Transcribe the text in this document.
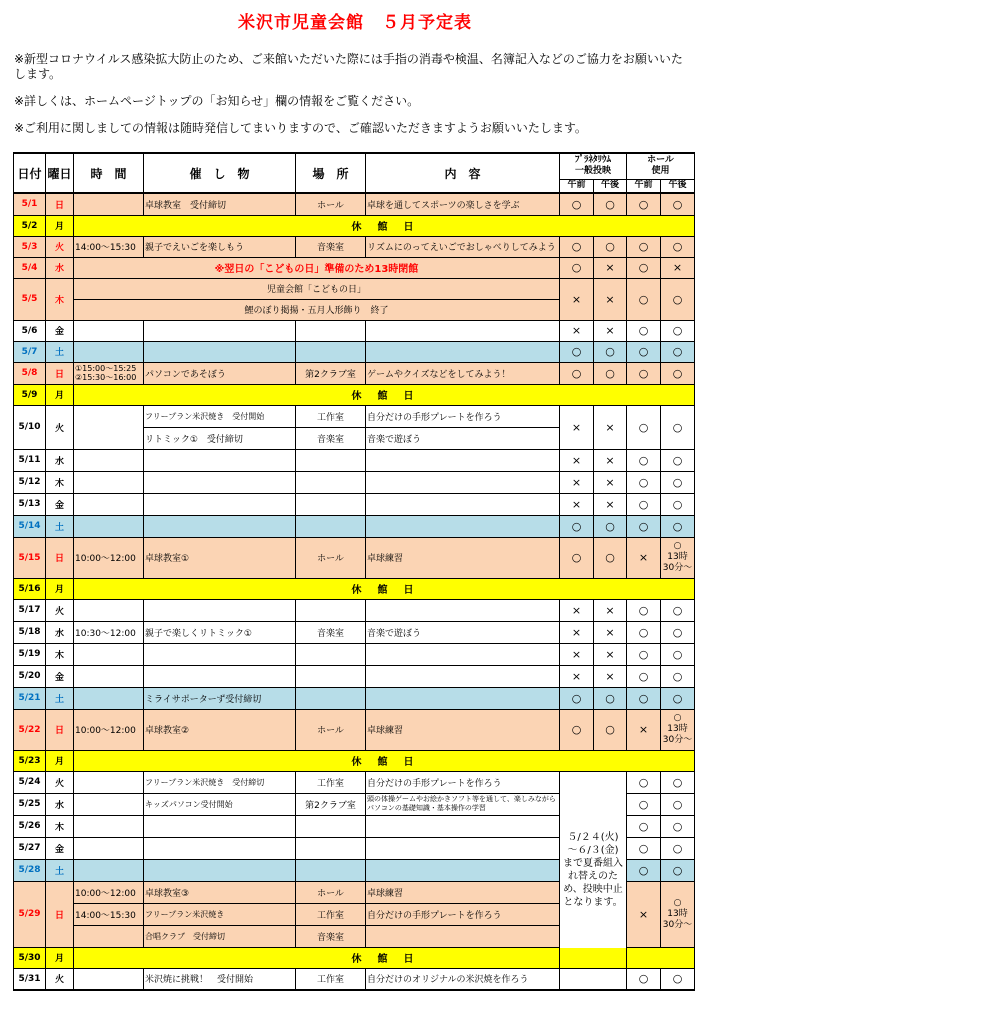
米沢市児童会館　５月予定表
※新型コロナウイルス感染拡大防止のため、ご来館いただいた際には手指の消毒や検温、名簿記入などのご協力をお願いいたします。
※詳しくは、ホームページトップの「お知らせ」欄の情報をご覧ください。
※ご利用に関しましての情報は随時発信してまいりますので、ご確認いただきますようお願いいたします。
日付	曜日	時　間	催　し　物	場　所	内　容	ﾌﾟﾗﾈﾀﾘｳﾑ
一般投映		ホール
使用	
						午前	午後	午前	午後
5/1	日		卓球教室　受付締切	ホール	卓球を通してスポーツの楽しさを学ぶ	○	○	○	○
5/2	月	休　館　日							
5/3	火	14:00～15:30	親子でえいごを楽しもう	音楽室	リズムにのってえいごでおしゃべりしてみよう	○	○	○	○
5/4	水	※翌日の「こどもの日」準備のため13時閉館				○	×	○	×
5/5	木	児童会館「こどもの日」				×	×	○	○
		鯉のぼり掲揚・五月人形飾り　終了							
5/6	金					×	×	○	○
5/7	土					○	○	○	○
5/8	日	①15:00～15:25
②15:30～16:00	パソコンであそぼう	第2クラブ室	ゲームやクイズなどをしてみよう！	○	○	○	○
5/9	月	休　館　日							
5/10	火		フリープラン米沢焼き　受付開始	工作室	自分だけの手形プレートを作ろう	×	×	○	○
			リトミック①　受付締切	音楽室	音楽で遊ぼう				
5/11	水					×	×	○	○
5/12	木					×	×	○	○
5/13	金					×	×	○	○
5/14	土					○	○	○	○
5/15	日	10:00～12:00	卓球教室①	ホール	卓球練習	○	○	×	○
13時30分～
5/16	月	休　館　日							
5/17	火					×	×	○	○
5/18	水	10:30～12:00	親子で楽しくリトミック①	音楽室	音楽で遊ぼう	×	×	○	○
5/19	木					×	×	○	○
5/20	金					×	×	○	○
5/21	土		ミライサポーターず受付締切			○	○	○	○
5/22	日	10:00～12:00	卓球教室②	ホール	卓球練習	○	○	×	○
13時30分～
5/23	月	休　館　日							
5/24	火		フリープラン米沢焼き　受付締切	工作室	自分だけの手形プレートを作ろう	５/２４(火)
～６/３(金)
まで夏番組入れ替えのため、投映中止となります。		○	○
5/25	水		キッズパソコン受付開始	第2クラブ室	頭の体操ゲームやお絵かきソフト等を通して、楽しみながらパソコンの基礎知識・基本操作の学習			○	○
5/26	木							○	○
5/27	金							○	○
5/28	土							○	○
5/29	日	10:00～12:00	卓球教室③	ホール	卓球練習			×	○
13時30分～
		14:00～15:30	フリープラン米沢焼き	工作室	自分だけの手形プレートを作ろう				
			合唱クラブ　受付締切	音楽室					
5/30	月	休　館　日							
5/31	火		米沢焼に挑戦！　受付開始	工作室	自分だけのオリジナルの米沢焼を作ろう			○	○
